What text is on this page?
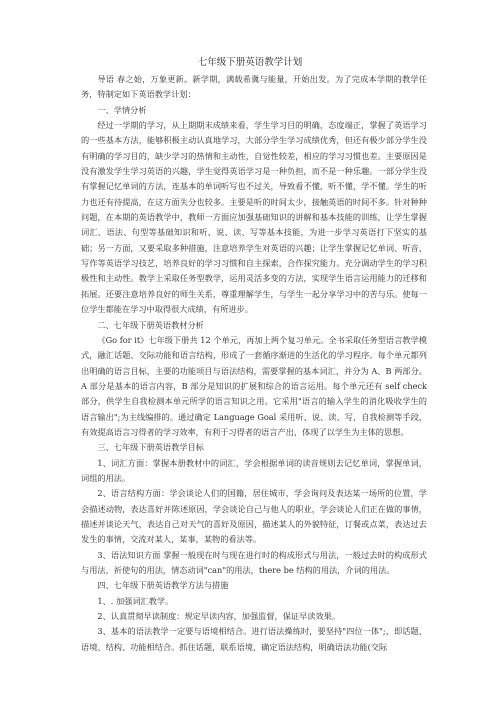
七年级下册英语教学计划

导语 春之始，万象更新。新学期，满载希冀与能量，开始出发。为了完成本学期的教学任务，特制定如下英语教学计划：

一、学情分析

经过一学期的学习，从上期期末成绩来看，学生学习目的明确，态度端正，掌握了英语学习的一些基本方法，能够积极主动认真地学习，大部分学生学习成绩优秀，但还有极少部分学生没有明确的学习目的，缺少学习的热情和主动性，自觉性较差，相应的学习习惯也差。主要原因是没有激发学生学习英语的兴趣，学生觉得英语学习是一种负担，而不是一种乐趣。一部分学生没有掌握记忆单词的方法，连基本的单词听写也不过关，导致看不懂，听不懂，学不懂。学生的听力也还有待提高，在这方面失分也较多。主要是听的时间太少，接触英语的时间不多。针对种种问题，在本期的英语教学中，教师一方面应加强基础知识的讲解和基本技能的训练，让学生掌握词汇、语法、句型等基础知识和听、说、读、写等基本技能，为进一步学习英语打下坚实的基础；另一方面，又要采取多种措施，注意培养学生对英语的兴趣；让学生掌握记忆单词、听音、写作等英语学习技艺，培养良好的学习习惯和自主探索，合作探究能力。充分调动学生的学习积极性和主动性。教学上采取任务型教学，运用灵活多变的方法，实现学生语言运用能力的迁移和拓展。还要注意培养良好的师生关系，尊重理解学生，与学生一起分享学习中的苦与乐。使每一位学生都能在学习中取得很大成绩，有所进步。

二、七年级下册英语教材分析

《Go for it》七年级下册共 12 个单元，再加上两个复习单元。全书采取任务型语言教学模式，融汇话题、交际功能和语言结构，形成了一套循序渐进的生活化的学习程序。每个单元都列出明确的语言目标，主要的功能项目与语法结构，需要掌握的基本词汇，并分为 A、B 两部分。A 部分是基本的语言内容，B 部分是知识的扩展和综合的语言运用。每个单元还有 self check 部分，供学生自我检测本单元所学的语言知识之用。它采用"语言的输入学生的消化吸收学生的语言输出";为主线编排的。通过确定 Language Goal 采用听、说、读、写，自我检测等手段，有效提高语言习得者的学习效率，有利于习得者的语言产出，体现了以学生为主体的思想。

三、七年级下册英语教学目标

1、词汇方面：掌握本册教材中的词汇，学会根据单词的读音规则去记忆单词，掌握单词，词组的用法。

2、语言结构方面：学会谈论人们的国籍，居住城市，学会询问及表达某一场所的位置，学会描述动物，表达喜好并陈述原因，学会谈论自己与他人的职业，学会谈论人们正在做的事情，描述并谈论天气，表达自己对天气的喜好及原因，描述某人的外貌特征，订餐或点菜，表达过去发生的事情，交流对某人，某事，某物的看法等。

3、语法知识方面 掌握一般现在时与现在进行时的构成形式与用法，一般过去时的构成形式与用法，祈使句的用法，情态动词"can"的用法，there be 结构的用法，介词的用法。

四、七年级下册英语教学方法与措施

1、. 加强词汇教学。

2、认真贯彻早读制度：规定早读内容，加强监督，保证早读效果。

3、基本的语法教学一定要与语境相结合。进行语法操练时，要坚持"四位一体";，即话题、语境、结构、功能相结合。抓住话题，联系语境，确定语法结构，明确语法功能(交际
